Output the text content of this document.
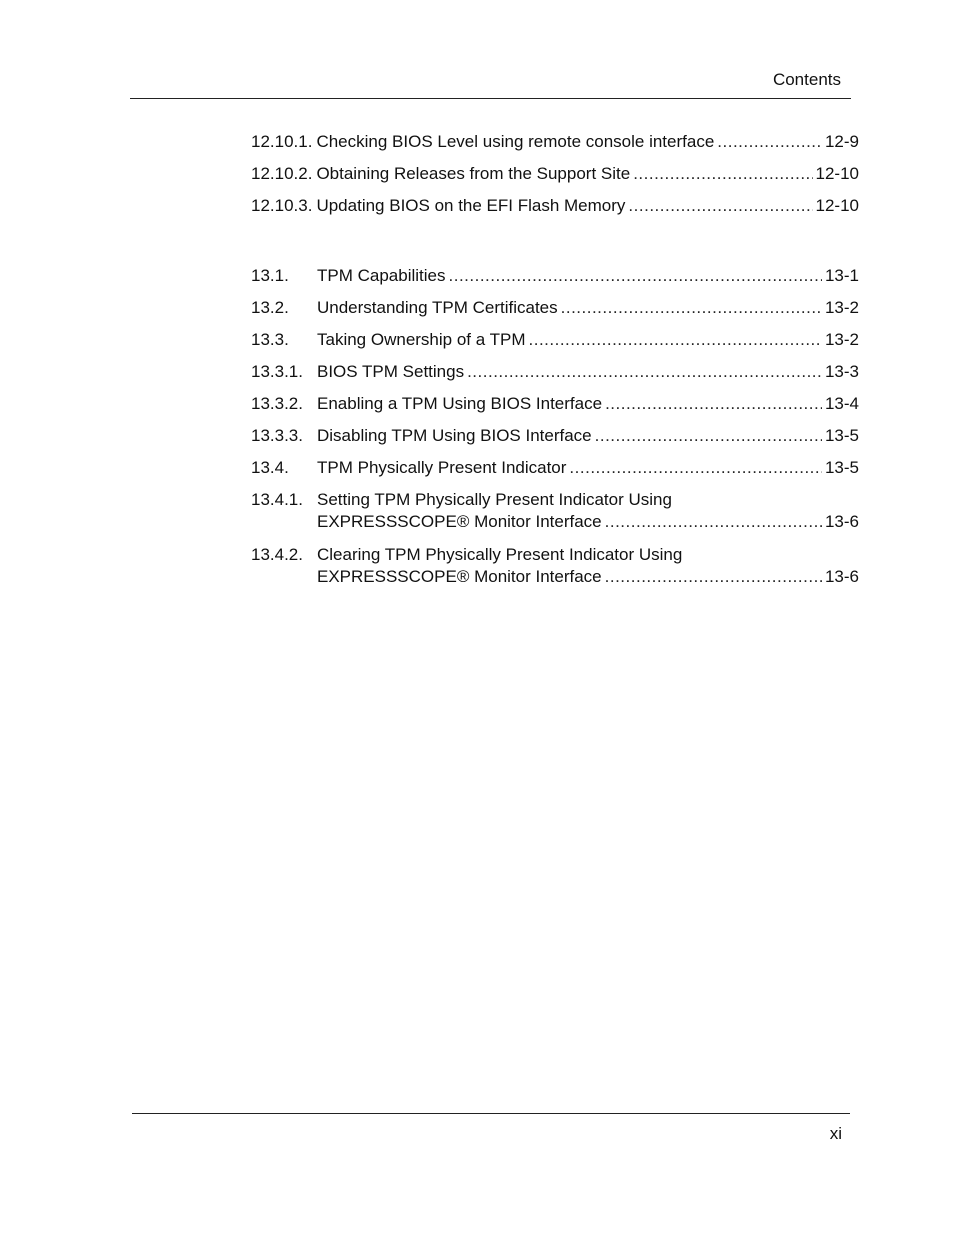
Contents
12.10.1. Checking BIOS Level using remote console interface .....	12-9
12.10.2. Obtaining Releases from the Support Site .....	12-10
12.10.3. Updating BIOS on the EFI Flash Memory .....	12-10
13.1. TPM Capabilities .....	13-1
13.2. Understanding TPM Certificates .....	13-2
13.3. Taking Ownership of a TPM .....	13-2
13.3.1. BIOS TPM Settings .....	13-3
13.3.2. Enabling a TPM Using BIOS Interface .....	13-4
13.3.3. Disabling TPM Using BIOS Interface .....	13-5
13.4. TPM Physically Present Indicator .....	13-5
13.4.1. Setting TPM Physically Present Indicator Using
EXPRESSSCOPE® Monitor Interface .....	13-6
13.4.2. Clearing TPM Physically Present Indicator Using
EXPRESSSCOPE® Monitor Interface .....	13-6
xi
